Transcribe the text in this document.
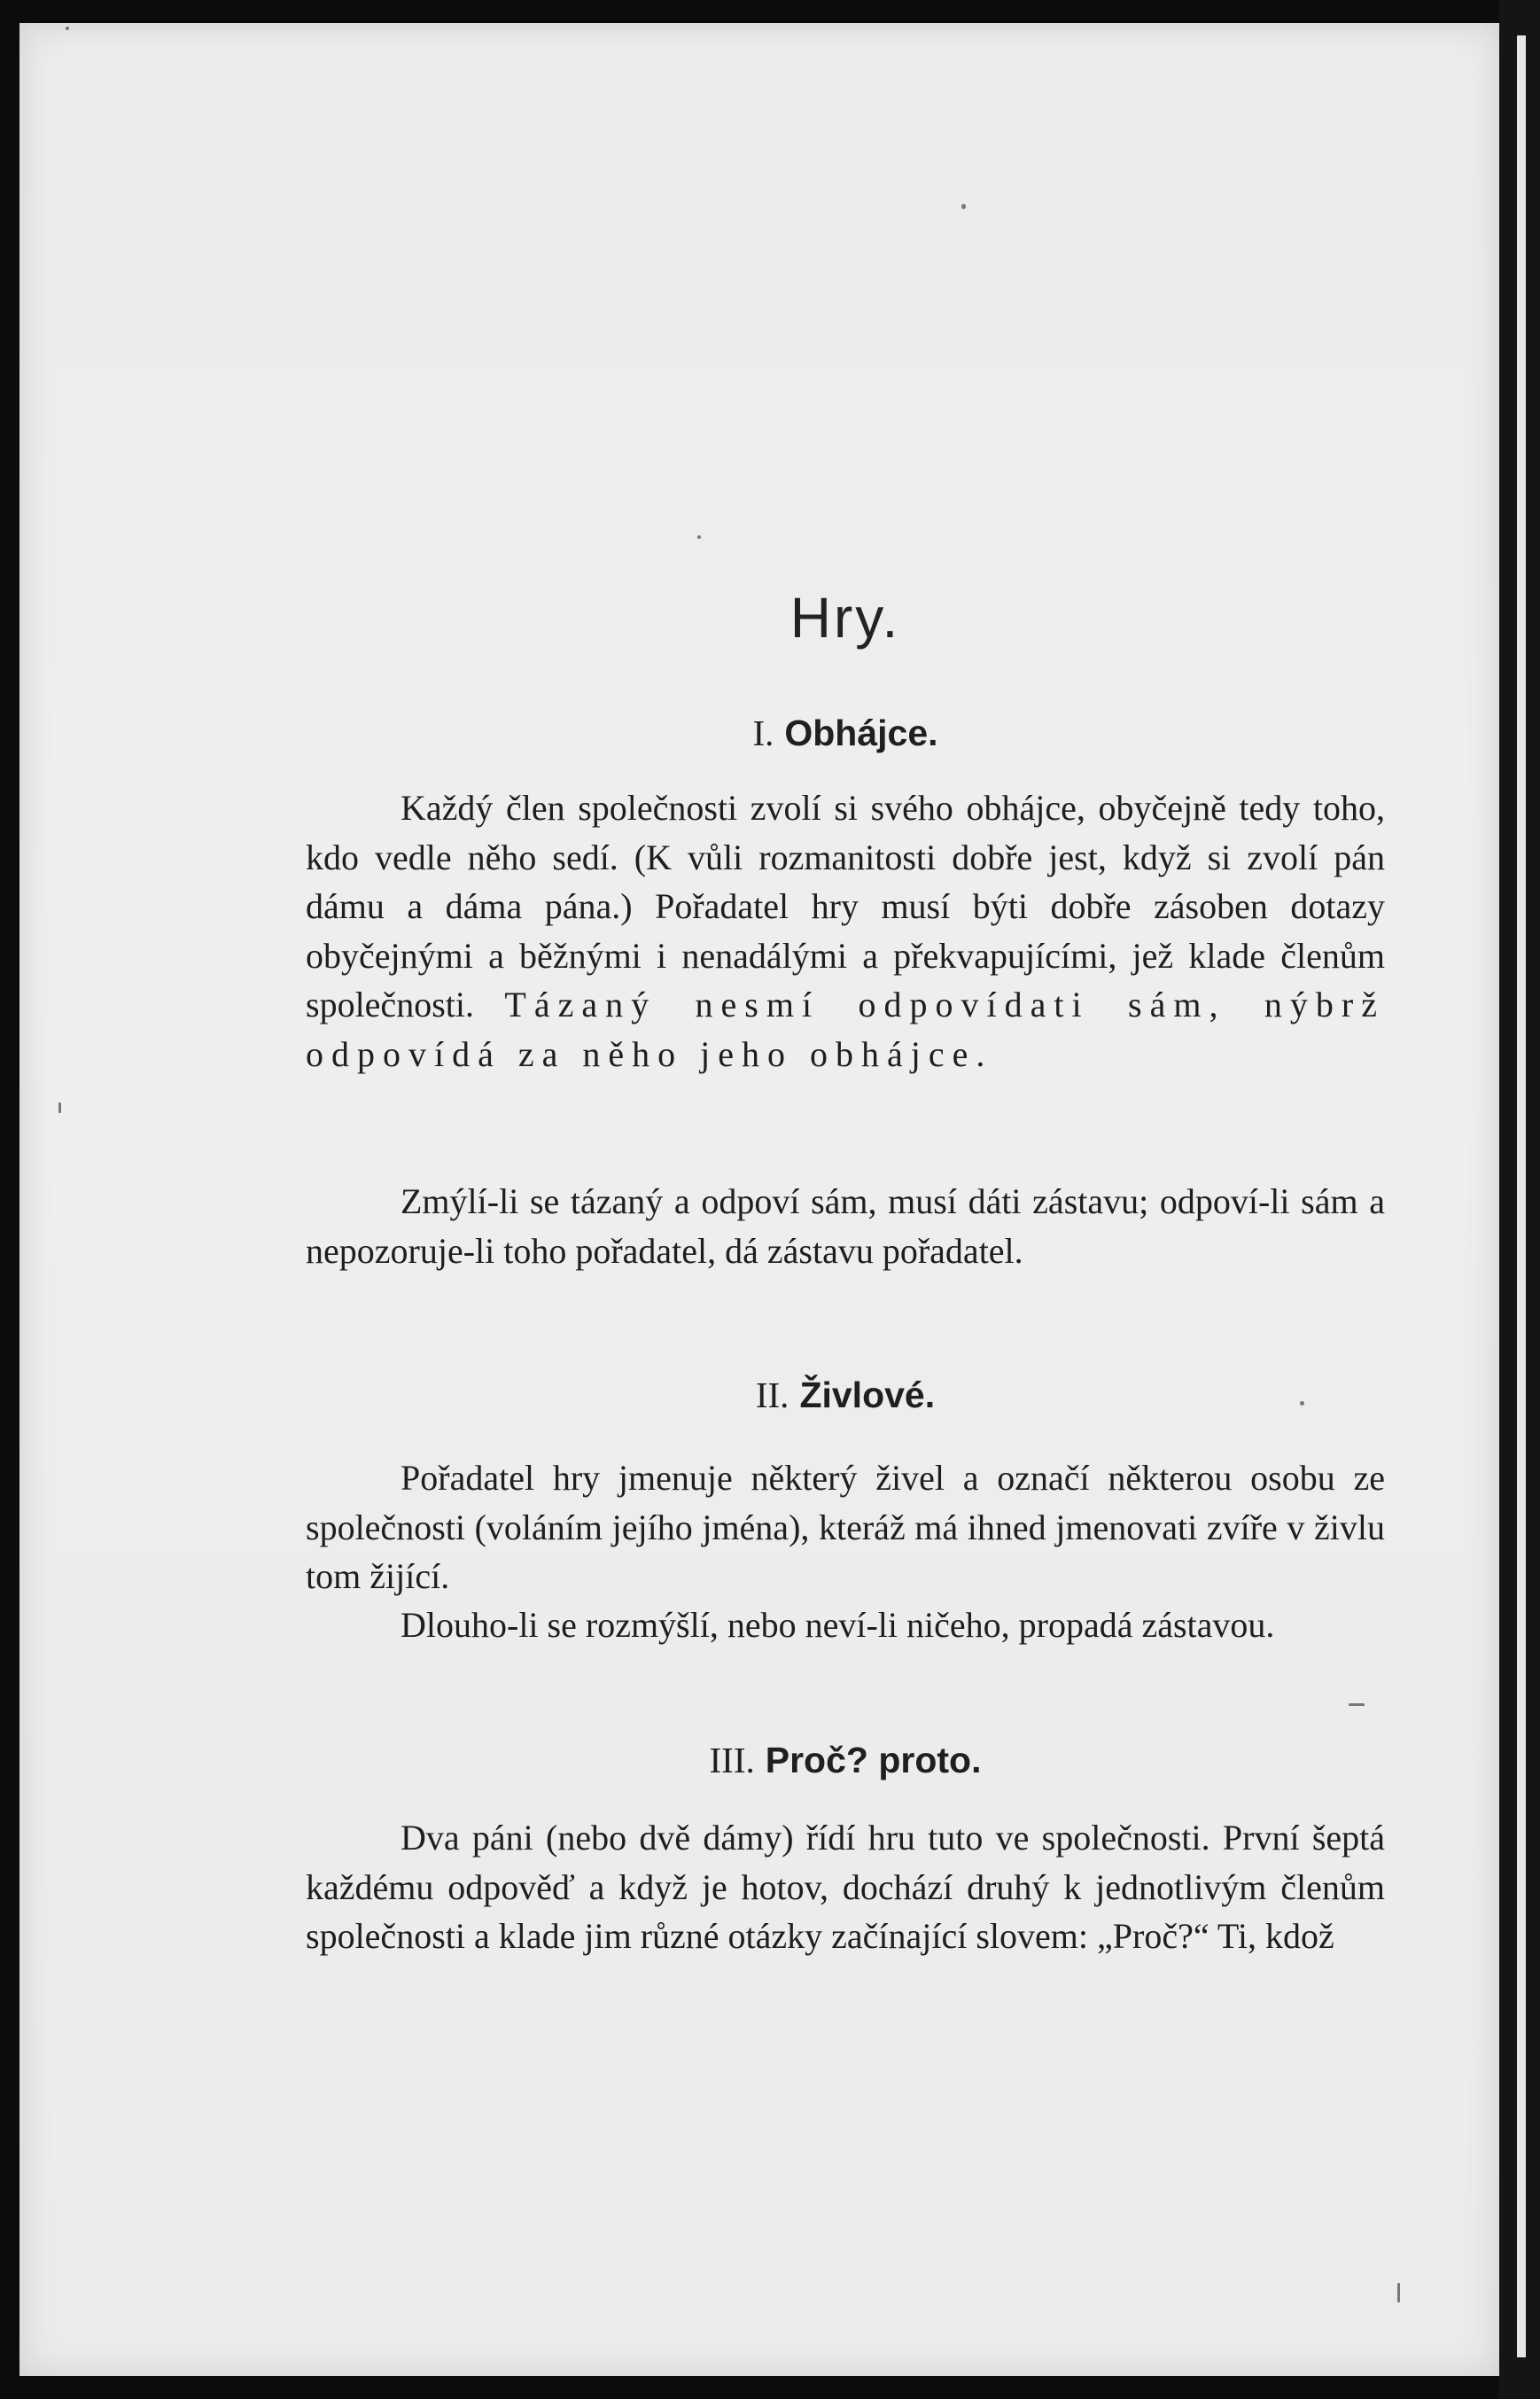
Hry.
I. Obhájce.
Každý člen společnosti zvolí si svého obhájce, obyčejně tedy toho, kdo vedle něho sedí. (K vůli rozmanitosti dobře jest, když si zvolí pán dámu a dáma pána.) Pořadatel hry musí býti dobře zásoben dotazy obyčejnými a běžnými i nenadálými a překvapujícími, jež klade členům společnosti. Tázaný nesmí odpovídati sám, nýbrž odpovídá za něho jeho obhájce.
Zmýlí-li se tázaný a odpoví sám, musí dáti zástavu; odpoví-li sám a nepozoruje-li toho pořadatel, dá zástavu pořadatel.
II. Živlové.
Pořadatel hry jmenuje některý živel a označí některou osobu ze společnosti (voláním jejího jména), kteráž má ihned jmenovati zvíře v živlu tom žijící.
Dlouho-li se rozmýšlí, nebo neví-li ničeho, propadá zástavou.
III. Proč? proto.
Dva páni (nebo dvě dámy) řídí hru tuto ve společnosti. První šeptá každému odpověď a když je hotov, dochází druhý k jednotlivým členům společnosti a klade jim různé otázky začínající slovem: „Proč?“ Ti, kdož
